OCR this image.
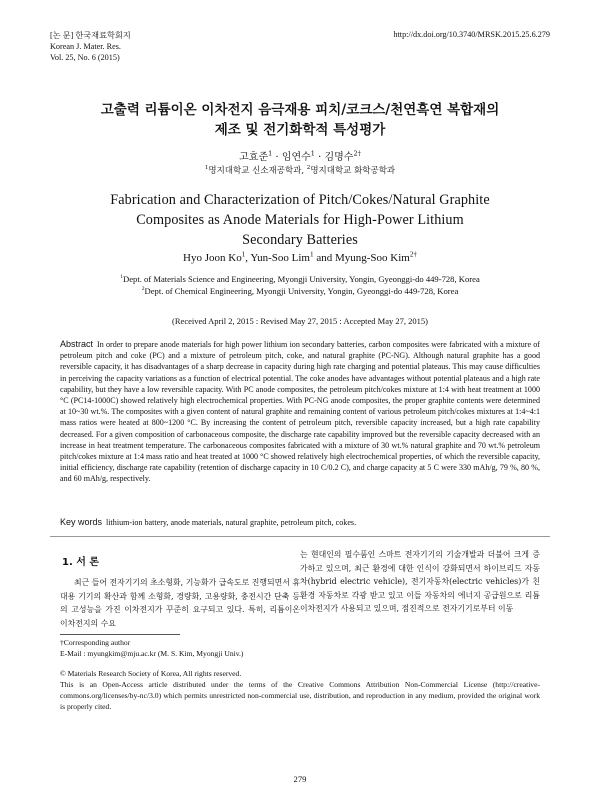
[논 문] 한국재료학회지
Korean J. Mater. Res.
Vol. 25, No. 6 (2015)
http://dx.doi.org/10.3740/MRSK.2015.25.6.279
고출력 리튬이온 이차전지 음극재용 피치/코크스/천연흑연 복합재의
제조 및 전기화학적 특성평가
고효준$^1$ · 임연수$^1$ · 김명수$^{2\dagger}$
$^1$명지대학교 신소재공학과, $^2$명지대학교 화학공학과
Fabrication and Characterization of Pitch/Cokes/Natural Graphite
Composites as Anode Materials for High-Power Lithium
Secondary Batteries
Hyo Joon Ko$^1$, Yun-Soo Lim$^1$ and Myung-Soo Kim$^{2\dagger}$
$^1$Dept. of Materials Science and Engineering, Myongji University, Yongin, Gyeonggi-do 449-728, Korea
$^2$Dept. of Chemical Engineering, Myongji University, Yongin, Gyeonggi-do 449-728, Korea
(Received April 2, 2015 : Revised May 27, 2015 : Accepted May 27, 2015)
Abstract In order to prepare anode materials for high power lithium ion secondary batteries, carbon composites were fabricated with a mixture of petroleum pitch and coke (PC) and a mixture of petroleum pitch, coke, and natural graphite (PC-NG). Although natural graphite has a good reversible capacity, it has disadvantages of a sharp decrease in capacity during high rate charging and potential plateaus. This may cause difficulties in perceiving the capacity variations as a function of electrical potential. The coke anodes have advantages without potential plateaus and a high rate capability, but they have a low reversible capacity. With PC anode composites, the petroleum pitch/cokes mixture at 1:4 with heat treatment at 1000 °C (PC14-1000C) showed relatively high electrochemical properties. With PC-NG anode composites, the proper graphite contents were determined at 10~30 wt.%. The composites with a given content of natural graphite and remaining content of various petroleum pitch/cokes mixtures at 1:4~4:1 mass ratios were heated at 800~1200 °C. By increasing the content of petroleum pitch, reversible capacity increased, but a high rate capability decreased. For a given composition of carbonaceous composite, the discharge rate capability improved but the reversible capacity decreased with an increase in heat treatment temperature. The carbonaceous composites fabricated with a mixture of 30 wt.% natural graphite and 70 wt.% petroleum pitch/cokes mixture at 1:4 mass ratio and heat treated at 1000 °C showed relatively high electrochemical properties, of which the reversible capacity, initial efficiency, discharge rate capability (retention of discharge capacity in 10 C/0.2 C), and charge capacity at 5 C were 330 mAh/g, 79 %, 80 %, and 60 mAh/g, respectively.
Key words lithium-ion battery, anode materials, natural graphite, petroleum pitch, cokes.
1. 서 론
최근 들어 전자기기의 초소형화, 기능화가 급속도로 진행되면서 휴대용 기기의 확산과 함께 소형화, 경량화, 고용량화, 충전시간 단축 등의 고성능을 가진 이차전지가 꾸준히 요구되고 있다. 특히, 리튬이온 이차전지의 수요
는 현대인의 필수품인 스마트 전자기기의 기술개발과 더불어 크게 증가하고 있으며, 최근 환경에 대한 인식이 강화되면서 하이브리드 자동차(hybrid electric vehicle), 전기자동차(electric vehicles)가 친환경 자동차로 각광 받고 있고 이들 자동차의 에너지 공급원으로 리튬 이차전지가 사용되고 있으며, 점진적으로 전자기기로부터 이동
†Corresponding author
E-Mail : myungkim@mju.ac.kr (M. S. Kim, Myongji Univ.)
© Materials Research Society of Korea, All rights reserved.
This is an Open-Access article distributed under the terms of the Creative Commons Attribution Non-Commercial License (http://creative-commons.org/licenses/by-nc/3.0) which permits unrestricted non-commercial use, distribution, and reproduction in any medium, provided the original work is properly cited.
279
